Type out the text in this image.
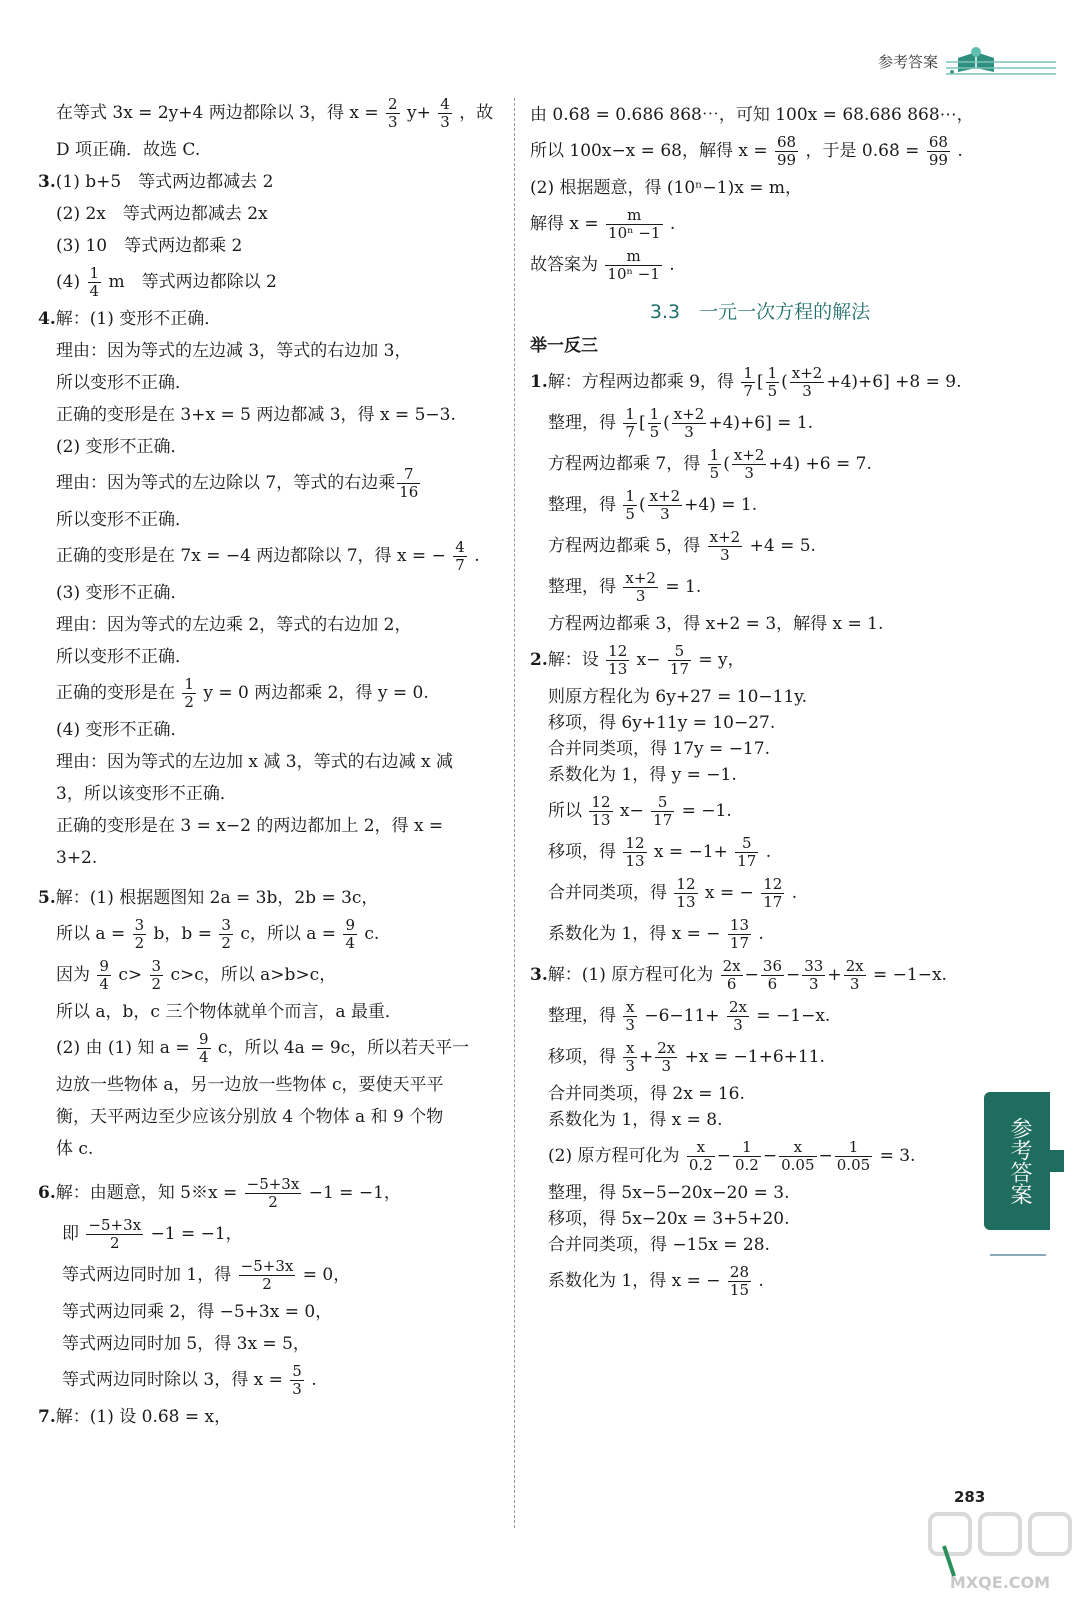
参考答案

在等式 3x = 2y+4 两边都除以 3，得 $x = \frac{2}{3} y+ \frac{4}{3}$ ，故

D 项正确．故选 C.

3.(1) b+5　等式两边都减去 2

(2) 2x　等式两边都减去 2x

(3) 10　等式两边都乘 2

$(4) \frac{1}{4}$ m　等式两边都除以 2

4.解：(1) 变形不正确．

理由：因为等式的左边减 3，等式的右边加 3，

所以变形不正确．

正确的变形是在 3+x = 5 两边都减 3，得 x = 5−3.

(2) 变形不正确．

理由：因为等式的左边除以 7，等式的右边乘 $\frac{7}{16}$

所以变形不正确．

正确的变形是在 7x = −4 两边都除以 7，得 x = − $\frac{4}{7}$ .

(3) 变形不正确．

理由：因为等式的左边乘 2，等式的右边加 2，

所以变形不正确．

正确的变形是在 $\frac{1}{2}$ y = 0 两边都乘 2，得 y = 0.

(4) 变形不正确．

理由：因为等式的左边加 x 减 3，等式的右边减 x 减

3，所以该变形不正确．

正确的变形是在 3 = x−2 的两边都加上 2，得 x =

3+2.

5.解：(1) 根据题图知 2a = 3b，2b = 3c，

所以 $a = \frac{3}{2}$ b，$b = \frac{3}{2}$ c，所以 $a = \frac{9}{4} c$.

因为 $\frac{9}{4} c> \frac{3}{2} c>c$，所以 a>b>c，

所以 a，b，c 三个物体就单个而言，a 最重．

(2) 由 (1) 知 $a = \frac{9}{4}$ c，所以 4a = 9c，所以若天平一

边放一些物体 a，另一边放一些物体 c，要使天平平

衡，天平两边至少应该分别放 4 个物体 a 和 9 个物

体 c.

6.解：由题意，知 5※x = $\frac{-5+3x}{2} -1 = -1$，

即 $\frac{-5+3x}{2} -1 = -1$，

等式两边同时加 1，得 $\frac{-5+3x}{2} = 0$，

等式两边同乘 2，得 −5+3x = 0，

等式两边同时加 5，得 3x = 5，

等式两边同时除以 3，得 $x = \frac{5}{3}$ .

7.解：(1) 设 0.6̇8̇ = x，

由 0.6̇8̇ = 0.686 868⋯，可知 100x = 68.686 868⋯，

所以 100x−x = 68，解得 $x = \frac{68}{99}$ ，于是 0.6̇8̇ = $\frac{68}{99}$ .

(2) 根据题意，得 (10ⁿ−1)x = m，

解得 $x = \frac{m}{\text{10ⁿ −1}}$ .

故答案为 $\frac{m}{\text{10ⁿ −1}}$ .

3.3　一元一次方程的解法
举一反三

1.解：方程两边都乘 9，得 $\frac{1}{7}$ [ $\frac{1}{5}$ ( $\frac{x+2}{3} +4)+6] +8 = 9$.

整理，得 $\frac{1}{7}$ [ $\frac{1}{5}$ ( $\frac{x+2}{3} +4)+6] = 1$.

方程两边都乘 7，得 $\frac{1}{5}$ ( $\frac{x+2}{3} +4) +6 = 7$.

整理，得 $\frac{1}{5}$ ( $\frac{x+2}{3} +4) = 1$.

方程两边都乘 5，得 $\frac{x+2}{3} +4 = 5$.

整理，得 $\frac{x+2}{3} = 1$.

方程两边都乘 3，得 x+2 = 3，解得 x = 1.

2.解：设 $\frac{12}{13} x- \frac{5}{17} = y$，

则原方程化为 6y+27 = 10−11y.

移项，得 6y+11y = 10−27.

合并同类项，得 17y = −17.

系数化为 1，得 y = −1.

所以 $\frac{12}{13} x- \frac{5}{17} = -1$.

移项，得 $\frac{12}{13}$ $x = -1+ \frac{5}{17}$ .

合并同类项，得 $\frac{12}{13}$ x = − $\frac{12}{17}$ .

系数化为 1，得 x = − $\frac{13}{17}$ .

3.解：(1) 原方程可化为 $\frac{2x}{6} - \frac{36}{6} - \frac{33}{3} + \frac{2x}{3} = -1-x$.

整理，得 $\frac{x}{3} -6-11+ \frac{2x}{3} = -1-x$.

移项，得 $\frac{x}{3} + \frac{2x}{3} +x = -1+6+11$.

合并同类项，得 2x = 16.

系数化为 1，得 x = 8.

(2) 原方程可化为 $\frac{x}{0.2} - \frac{1}{0.2} - \frac{x}{0.05} - \frac{1}{0.05} = 3$.

整理，得 5x−5−20x−20 = 3.

移项，得 5x−20x = 3+5+20.

合并同类项，得 −15x = 28.

系数化为 1，得 x = − $\frac{28}{15}$ .

参考答案
283
MXQE.COM
